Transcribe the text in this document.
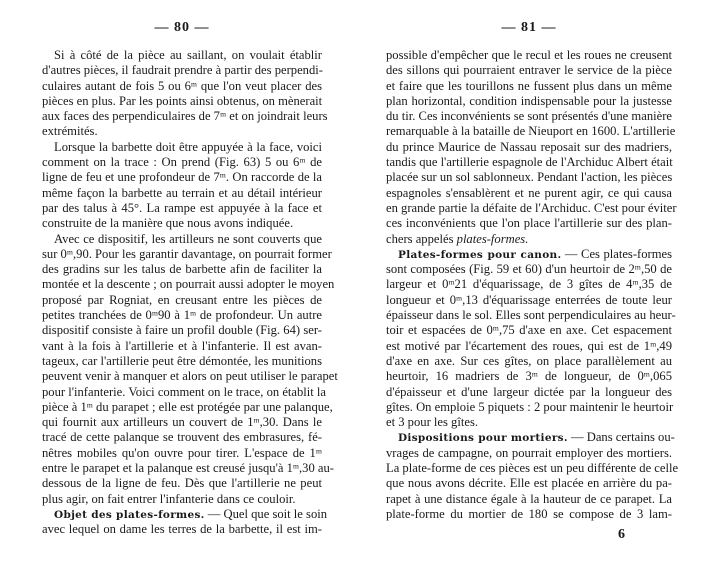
— 80 —
Si à côté de la pièce au saillant, on voulait établir
d'autres pièces, il faudrait prendre à partir des perpendi-
culaires autant de fois 5 ou 6ᵐ que l'on veut placer des
pièces en plus. Par les points ainsi obtenus, on mènerait
aux faces des perpendiculaires de 7ᵐ et on joindrait leurs
extrémités.
Lorsque la barbette doit être appuyée à la face, voici
comment on la trace : On prend (Fig. 63) 5 ou 6ᵐ de
ligne de feu et une profondeur de 7ᵐ. On raccorde de la
même façon la barbette au terrain et au détail intérieur
par des talus à 45°. La rampe est appuyée à la face et
construite de la manière que nous avons indiquée.
Avec ce dispositif, les artilleurs ne sont couverts que
sur 0ᵐ,90. Pour les garantir davantage, on pourrait former
des gradins sur les talus de barbette afin de faciliter la
montée et la descente ; on pourrait aussi adopter le moyen
proposé par Rogniat, en creusant entre les pièces de
petites tranchées de 0ᵐ90 à 1ᵐ de profondeur. Un autre
dispositif consiste à faire un profil double (Fig. 64) ser-
vant à la fois à l'artillerie et à l'infanterie. Il est avan-
tageux, car l'artillerie peut être démontée, les munitions
peuvent venir à manquer et alors on peut utiliser le parapet
pour l'infanterie. Voici comment on le trace, on établit la
pièce à 1ᵐ du parapet ; elle est protégée par une palanque,
qui fournit aux artilleurs un couvert de 1ᵐ,30. Dans le
tracé de cette palanque se trouvent des embrasures, fé-
nêtres mobiles qu'on ouvre pour tirer. L'espace de 1ᵐ
entre le parapet et la palanque est creusé jusqu'à 1ᵐ,30 au-
dessous de la ligne de feu. Dès que l'artillerie ne peut
plus agir, on fait entrer l'infanterie dans ce couloir.
Objet des plates-formes. — Quel que soit le soin
avec lequel on dame les terres de la barbette, il est im-
— 81 —
possible d'empêcher que le recul et les roues ne creusent
des sillons qui pourraient entraver le service de la pièce
et faire que les tourillons ne fussent plus dans un même
plan horizontal, condition indispensable pour la justesse
du tir. Ces inconvénients se sont présentés d'une manière
remarquable à la bataille de Nieuport en 1600. L'artillerie
du prince Maurice de Nassau reposait sur des madriers,
tandis que l'artillerie espagnole de l'Archiduc Albert était
placée sur un sol sablonneux. Pendant l'action, les pièces
espagnoles s'ensablèrent et ne purent agir, ce qui causa
en grande partie la défaite de l'Archiduc. C'est pour éviter
ces inconvénients que l'on place l'artillerie sur des plan-
chers appelés plates-formes.
Plates-formes pour canon. — Ces plates-formes
sont composées (Fig. 59 et 60) d'un heurtoir de 2ᵐ,50 de
largeur et 0ᵐ21 d'équarissage, de 3 gîtes de 4ᵐ,35 de
longueur et 0ᵐ,13 d'équarissage enterrées de toute leur
épaisseur dans le sol. Elles sont perpendiculaires au heur-
toir et espacées de 0ᵐ,75 d'axe en axe. Cet espacement
est motivé par l'écartement des roues, qui est de 1ᵐ,49
d'axe en axe. Sur ces gîtes, on place parallèlement au
heurtoir, 16 madriers de 3ᵐ de longueur, de 0ᵐ,065
d'épaisseur et d'une largeur dictée par la longueur des
gîtes. On emploie 5 piquets : 2 pour maintenir le heurtoir
et 3 pour les gîtes.
Dispositions pour mortiers. — Dans certains ou-
vrages de campagne, on pourrait employer des mortiers.
La plate-forme de ces pièces est un peu différente de celle
que nous avons décrite. Elle est placée en arrière du pa-
rapet à une distance égale à la hauteur de ce parapet. La
plate-forme du mortier de 180 se compose de 3 lam-
6
